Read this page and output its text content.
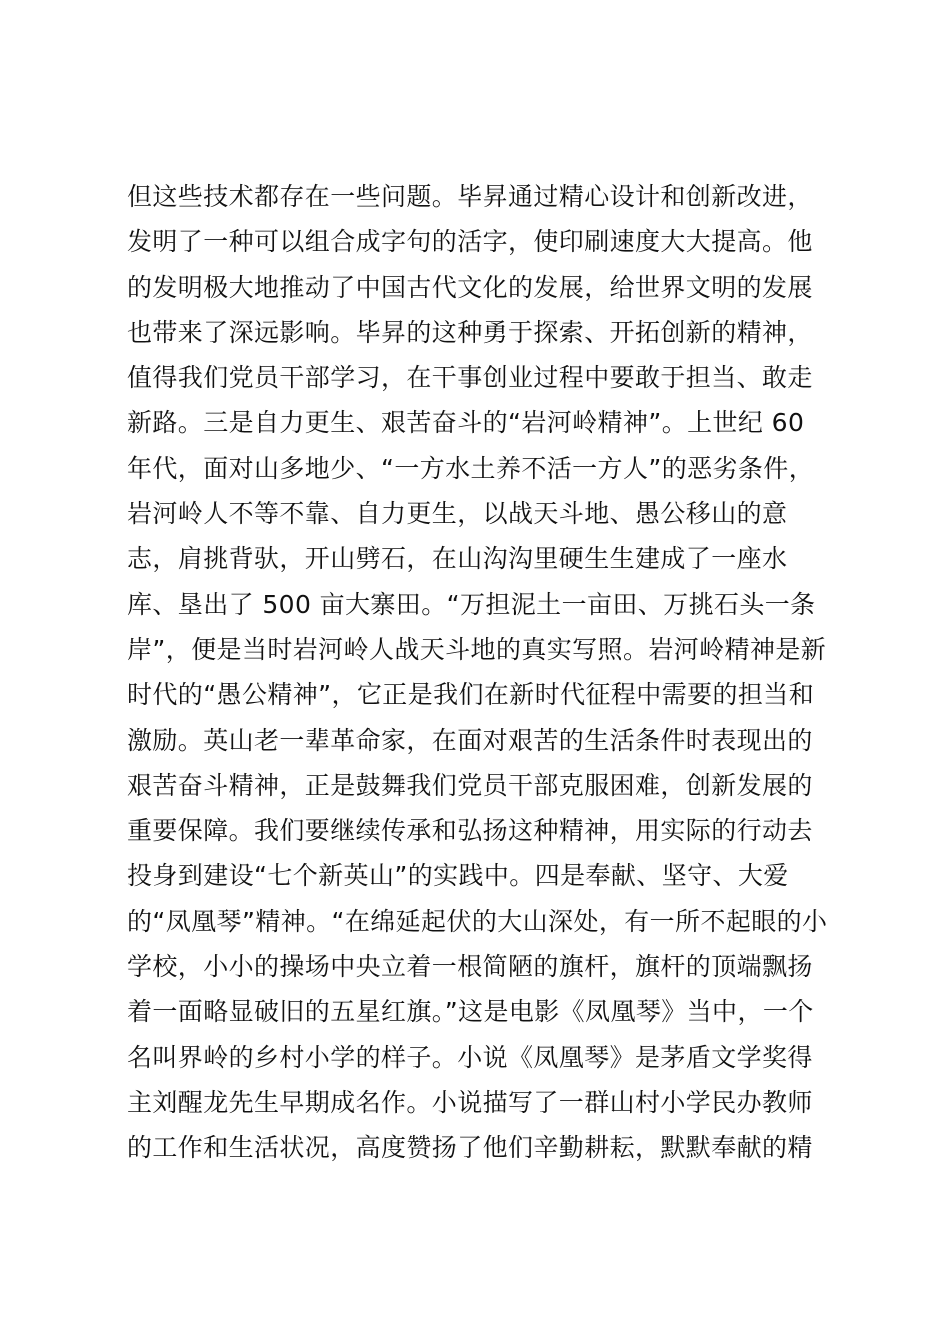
但这些技术都存在一些问题。毕昇通过精心设计和创新改进，
发明了一种可以组合成字句的活字，使印刷速度大大提高。他
的发明极大地推动了中国古代文化的发展，给世界文明的发展
也带来了深远影响。毕昇的这种勇于探索、开拓创新的精神，
值得我们党员干部学习，在干事创业过程中要敢于担当、敢走
新路。三是自力更生、艰苦奋斗的“岩河岭精神”。上世纪 60
年代，面对山多地少、“一方水土养不活一方人”的恶劣条件，
岩河岭人不等不靠、自力更生，以战天斗地、愚公移山的意
志，肩挑背驮，开山劈石，在山沟沟里硬生生建成了一座水
库、垦出了 500 亩大寨田。“万担泥土一亩田、万挑石头一条
岸”，便是当时岩河岭人战天斗地的真实写照。岩河岭精神是新
时代的“愚公精神”，它正是我们在新时代征程中需要的担当和
激励。英山老一辈革命家，在面对艰苦的生活条件时表现出的
艰苦奋斗精神，正是鼓舞我们党员干部克服困难，创新发展的
重要保障。我们要继续传承和弘扬这种精神，用实际的行动去
投身到建设“七个新英山”的实践中。四是奉献、坚守、大爱
的“凤凰琴”精神。“在绵延起伏的大山深处，有一所不起眼的小
学校，小小的操场中央立着一根简陋的旗杆，旗杆的顶端飘扬
着一面略显破旧的五星红旗。”这是电影《凤凰琴》当中，一个
名叫界岭的乡村小学的样子。小说《凤凰琴》是茅盾文学奖得
主刘醒龙先生早期成名作。小说描写了一群山村小学民办教师
的工作和生活状况，高度赞扬了他们辛勤耕耘，默默奉献的精
